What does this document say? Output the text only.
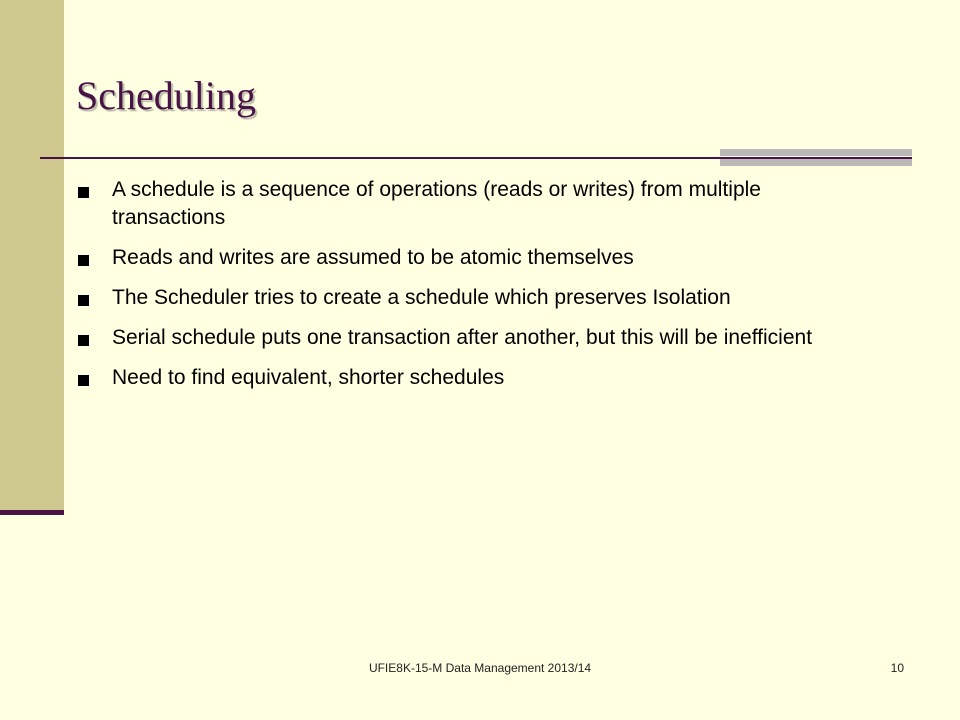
Scheduling
A schedule is a sequence of operations (reads or writes) from multiple transactions
Reads and writes are assumed to be atomic themselves
The Scheduler tries to create a schedule which preserves Isolation
Serial schedule puts one transaction after another, but this will be inefficient
Need to find equivalent, shorter schedules
UFIE8K-15-M Data Management 2013/14	10
